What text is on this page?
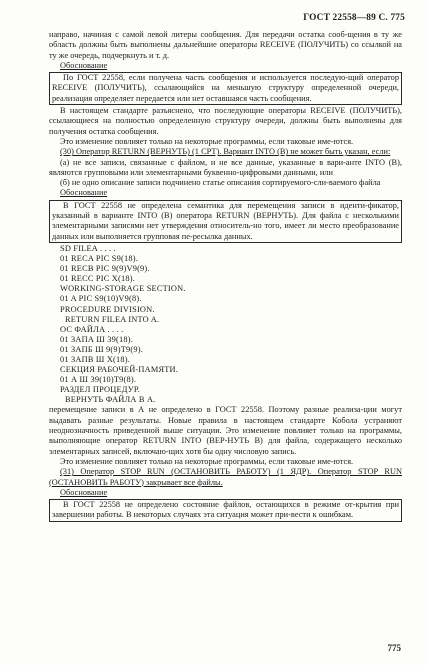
ГОСТ 22558—89 С. 775

направо, начиная с самой левой литеры сообщения. Для передачи остатка сооб-щения в ту же область должны быть выполнены дальнейшие операторы RECEIVE (ПОЛУЧИТЬ) со ссылкой на ту же очередь, подчеркнуть и т. д.

Обоснование

По ГОСТ 22558, если получена часть сообщения и используется последую-щий оператор RECEIVE (ПОЛУЧИТЬ), ссылающийся на меньшую структуру определенной очереди, реализация определяет передается или нет оставшаяся часть сообщения.

В настоящем стандарте разъяснено, что последующие операторы RECEIVE (ПОЛУЧИТЬ), ссылающиеся на полностью определенную структуру очереди, должны быть выполнены для получения остатка сообщения.

Это изменение повлияет только на некоторые программы, если таковые име-ются.

(30) Оператор RETURN (ВЕРНУТЬ) (1 СРТ). Вариант INTO (В) не может быть указан, если:

(а) не все записи, связанные с файлом, и не все данные, указанные в вари-анте INTO (В), являются групповыми или элементарными буквенно-цифровыми данными, или

(б) не одно описание записи подчинено статье описания сортируемого-сли-ваемого файла

Обоснование

В ГОСТ 22558 не определена семантика для перемещения записи в иденти-фикатор, указанный в варианте INTO (В) оператора RETURN (ВЕРНУТЬ). Для файла с несколькими элементарными записями нет утверждения относитель-но того, имеет ли место преобразование данных или выполняется групповая пе-ресылка данных.

SD FILEA . . . .

01 RECA PIC S9(18).

01 RECB PIC 9(9)V9(9).

01 RECC PIC X(18).

WORKING-STORAGE SECTION.

01 A PIC S9(10)V9(8).

PROCEDURE DIVISION.

RETURN FILEA INTO A.

ОС ФАЙЛА . . . .

01 ЗАПА Ш 39(18).

01 ЗАПБ Ш 9(9)Т9(9).

01 ЗАПВ Ш X(18).

СЕКЦИЯ РАБОЧЕЙ-ПАМЯТИ.

01 А Ш 39(10)Т9(8).

РАЗДЕЛ ПРОЦЕДУР.

ВЕРНУТЬ ФАЙЛА В А.

перемещение записи в А не определено в ГОСТ 22558. Поэтому разные реализа-ции могут выдавать разные результаты. Новые правила в настоящем стандарте Кобола устраняют неоднозначность приведенной выше ситуации. Это изменение повлияет только на программы, выполняющие оператор RETURN INTO (ВЕР-НУТЬ В) для файла, содержащего несколько элементарных записей, включаю-щих хотя бы одну числовую запись.

Это изменение повлияет только на некоторые программы, если таковые име-ются.

(31) Оператор STOP RUN (ОСТАНОВИТЬ РАБОТУ) (1 ЯДР). Оператор STOP RUN (ОСТАНОВИТЬ РАБОТУ) закрывает все файлы.

Обоснование

В ГОСТ 22558 не определено состояние файлов, остающихся в режиме от-крытия при завершении работы. В некоторых случаях эта ситуация может при-вести к ошибкам.

775
